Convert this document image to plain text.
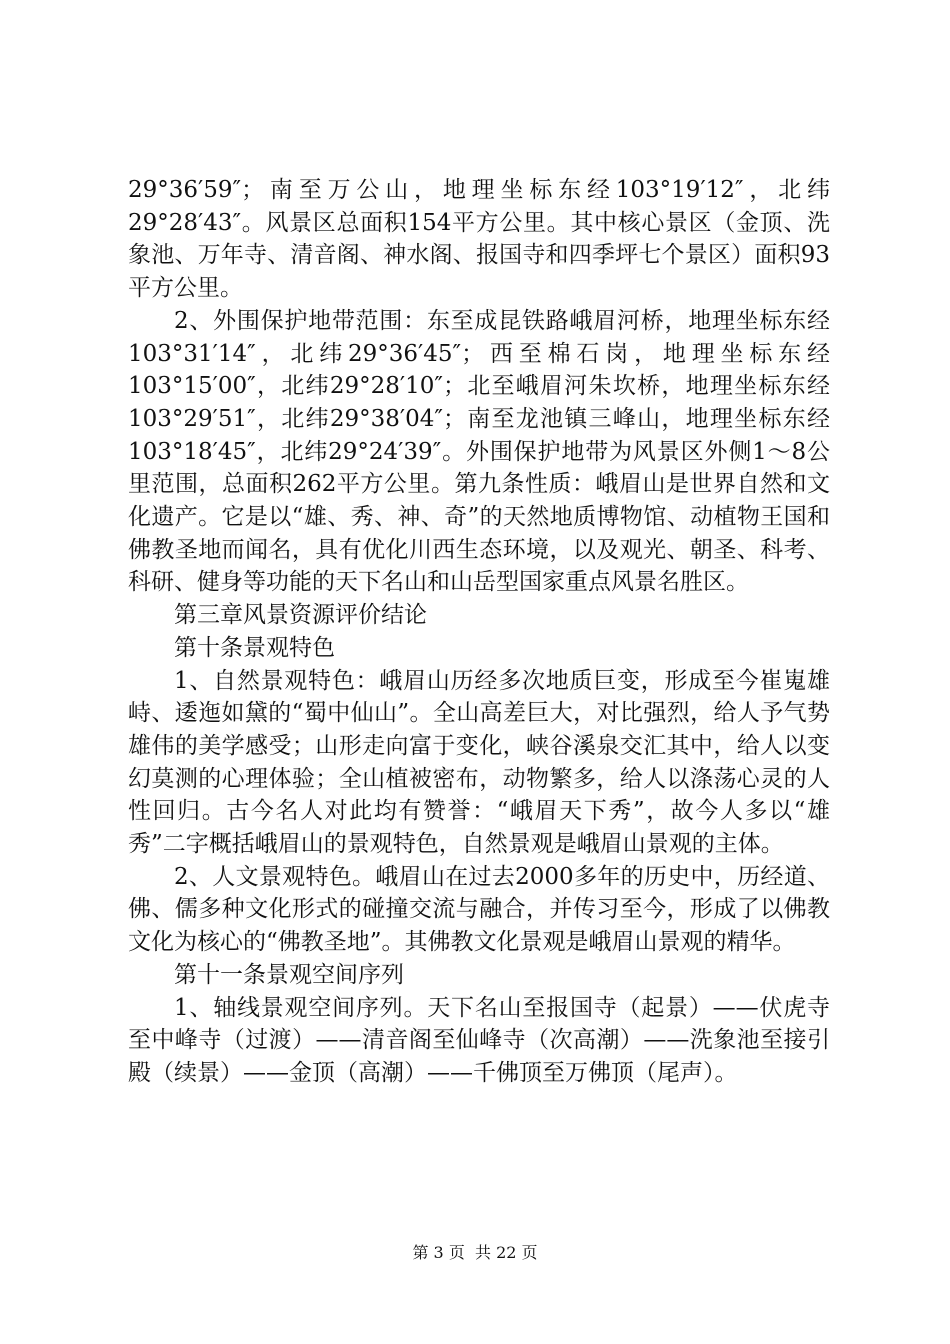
29°36′59″；南至万公山，地理坐标东经103°19′12″，北纬29°28′43″。风景区总面积154平方公里。其中核心景区（金顶、洗象池、万年寺、清音阁、神水阁、报国寺和四季坪七个景区）面积93平方公里。

2、外围保护地带范围：东至成昆铁路峨眉河桥，地理坐标东经103°31′14″，北纬29°36′45″；西至棉石岗，地理坐标东经103°15′00″，北纬29°28′10″；北至峨眉河朱坎桥，地理坐标东经103°29′51″，北纬29°38′04″；南至龙池镇三峰山，地理坐标东经103°18′45″，北纬29°24′39″。外围保护地带为风景区外侧1～8公里范围，总面积262平方公里。第九条性质：峨眉山是世界自然和文化遗产。它是以“雄、秀、神、奇”的天然地质博物馆、动植物王国和佛教圣地而闻名，具有优化川西生态环境，以及观光、朝圣、科考、科研、健身等功能的天下名山和山岳型国家重点风景名胜区。

第三章风景资源评价结论

第十条景观特色

1、自然景观特色：峨眉山历经多次地质巨变，形成至今崔嵬雄峙、逶迤如黛的“蜀中仙山”。全山高差巨大，对比强烈，给人予气势雄伟的美学感受；山形走向富于变化，峡谷溪泉交汇其中，给人以变幻莫测的心理体验；全山植被密布，动物繁多，给人以涤荡心灵的人性回归。古今名人对此均有赞誉：“峨眉天下秀”，故今人多以“雄秀”二字概括峨眉山的景观特色，自然景观是峨眉山景观的主体。

2、人文景观特色。峨眉山在过去2000多年的历史中，历经道、佛、儒多种文化形式的碰撞交流与融合，并传习至今，形成了以佛教文化为核心的“佛教圣地”。其佛教文化景观是峨眉山景观的精华。

第十一条景观空间序列

1、轴线景观空间序列。天下名山至报国寺（起景）——伏虎寺至中峰寺（过渡）——清音阁至仙峰寺（次高潮）——洗象池至接引殿（续景）——金顶（高潮）——千佛顶至万佛顶（尾声）。

第 3 页  共 22 页
